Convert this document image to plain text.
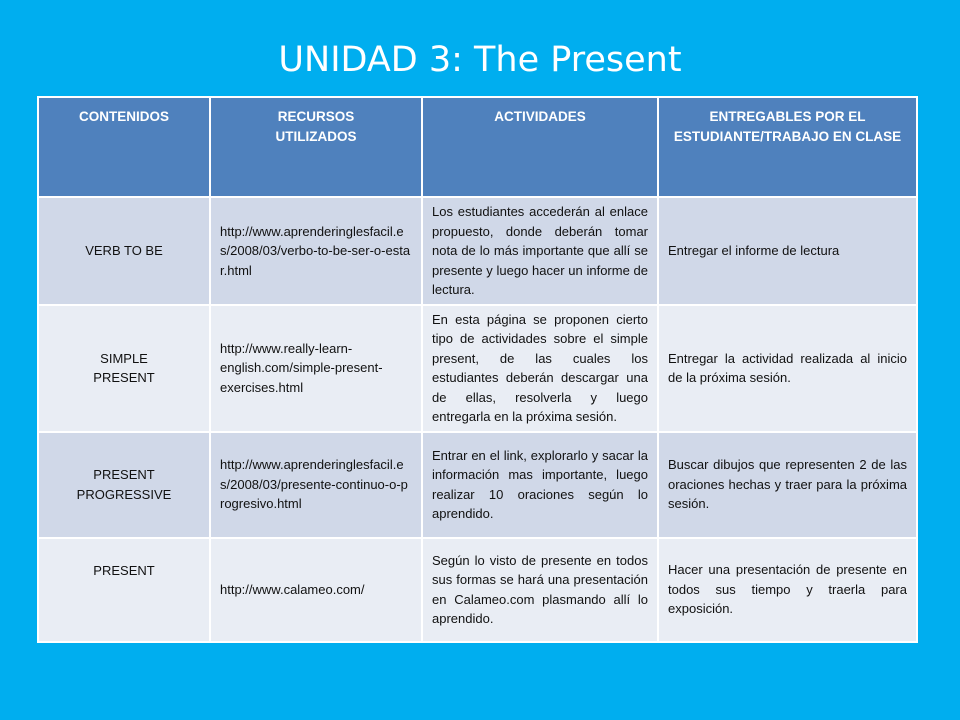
UNIDAD 3: The Present
CONTENIDOS	RECURSOS UTILIZADOS	ACTIVIDADES	ENTREGABLES POR EL ESTUDIANTE/TRABAJO EN CLASE
VERB TO BE	http://www.aprenderinglesfacil.es/2008/03/verbo-to-be-ser-o-estar.html	Los estudiantes accederán al enlace propuesto, donde deberán tomar nota de lo más importante que allí se presente y luego hacer un informe de lectura.	Entregar el informe de lectura
SIMPLE PRESENT	http://www.really-learn-english.com/simple-present-exercises.html	En esta página se proponen cierto tipo de actividades sobre el simple present, de las cuales los estudiantes deberán descargar una de ellas, resolverla y luego entregarla en la próxima sesión.	Entregar la actividad realizada al inicio de la próxima sesión.
PRESENT PROGRESSIVE	http://www.aprenderinglesfacil.es/2008/03/presente-continuo-o-progresivo.html	Entrar en el link, explorarlo y sacar la información mas importante, luego realizar 10 oraciones según lo aprendido.	Buscar dibujos que representen 2 de las oraciones hechas y traer para la próxima sesión.
PRESENT	http://www.calameo.com/	Según lo visto de presente en todos sus formas se hará una presentación en Calameo.com plasmando allí lo aprendido.	Hacer una presentación de presente en todos sus tiempo y traerla para exposición.
